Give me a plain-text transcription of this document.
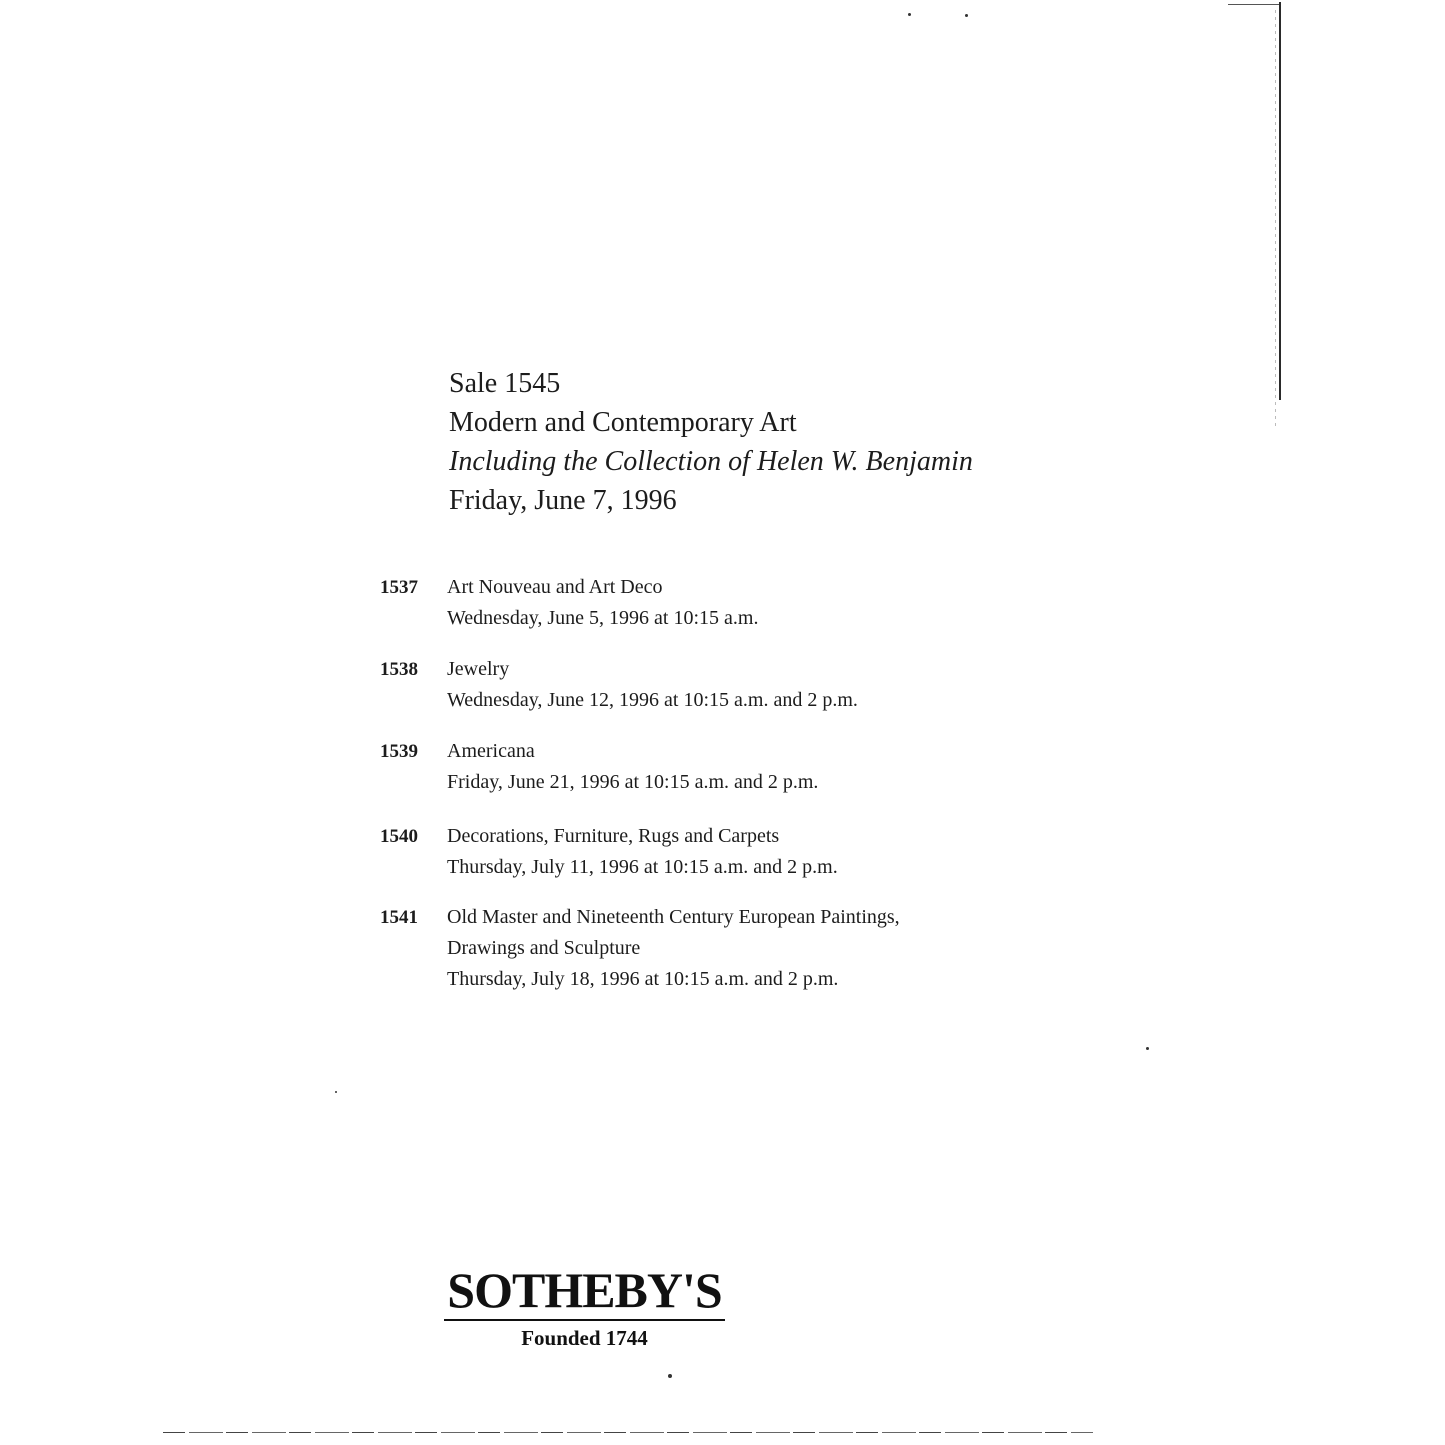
Sale 1545
Modern and Contemporary Art
Including the Collection of Helen W. Benjamin
Friday, June 7, 1996
1537 Art Nouveau and Art Deco
Wednesday, June 5, 1996 at 10:15 a.m.
1538 Jewelry
Wednesday, June 12, 1996 at 10:15 a.m. and 2 p.m.
1539 Americana
Friday, June 21, 1996 at 10:15 a.m. and 2 p.m.
1540 Decorations, Furniture, Rugs and Carpets
Thursday, July 11, 1996 at 10:15 a.m. and 2 p.m.
1541 Old Master and Nineteenth Century European Paintings,
Drawings and Sculpture
Thursday, July 18, 1996 at 10:15 a.m. and 2 p.m.
SOTHEBY'S
Founded 1744
